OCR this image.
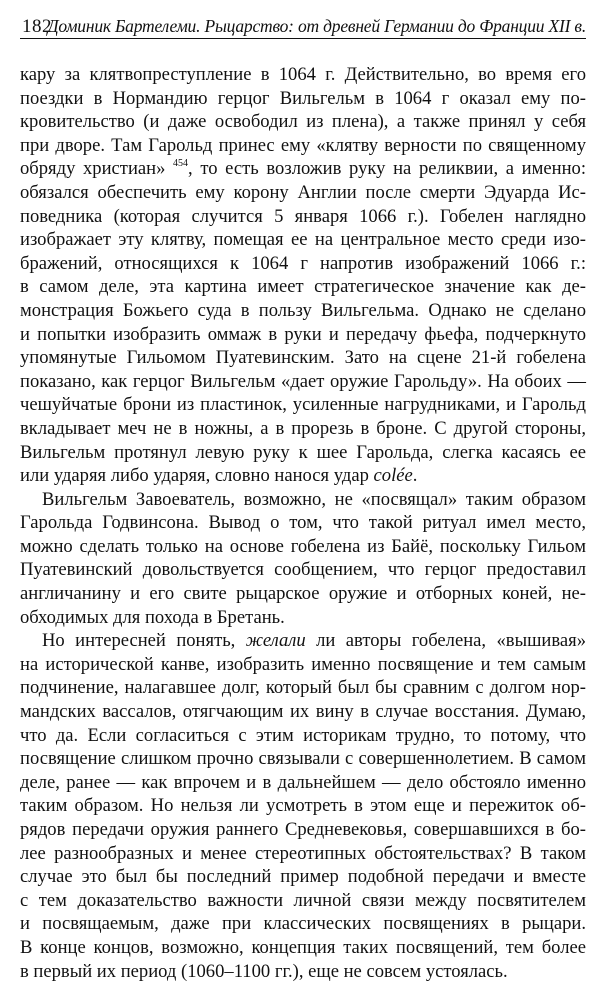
182
Доминик Бартелеми. Рыцарство: от древней Германии до Франции XII в.
кару за клятвопреступление в 1064 г. Действительно, во время его
поездки в Нормандию герцог Вильгельм в 1064 г оказал ему по-
кровительство (и даже освободил из плена), а также принял у себя
при дворе. Там Гарольд принес ему «клятву верности по священному
обряду христиан» $^{454}$, то есть возложив руку на реликвии, а именно:
обязался обеспечить ему корону Англии после смерти Эдуарда Ис-
поведника (которая случится 5 января 1066 г.). Гобелен наглядно
изображает эту клятву, помещая ее на центральное место среди изо-
бражений, относящихся к 1064 г напротив изображений 1066 г.:
в самом деле, эта картина имеет стратегическое значение как де-
монстрация Божьего суда в пользу Вильгельма. Однако не сделано
и попытки изобразить оммаж в руки и передачу фьефа, подчеркнуто
упомянутые Гильомом Пуатевинским. Зато на сцене 21-й гобелена
показано, как герцог Вильгельм «дает оружие Гарольду». На обоих —
чешуйчатые брони из пластинок, усиленные нагрудниками, и Гарольд
вкладывает меч не в ножны, а в прорезь в броне. С другой стороны,
Вильгельм протянул левую руку к шее Гарольда, слегка касаясь ее
или ударяя либо ударяя, словно нанося удар colée.
Вильгельм Завоеватель, возможно, не «посвящал» таким образом
Гарольда Годвинсона. Вывод о том, что такой ритуал имел место,
можно сделать только на основе гобелена из Байё, поскольку Гильом
Пуатевинский довольствуется сообщением, что герцог предоставил
англичанину и его свите рыцарское оружие и отборных коней, не-
обходимых для похода в Бретань.
Но интересней понять, желали ли авторы гобелена, «вышивая»
на исторической канве, изобразить именно посвящение и тем самым
подчинение, налагавшее долг, который был бы сравним с долгом нор-
мандских вассалов, отягчающим их вину в случае восстания. Думаю,
что да. Если согласиться с этим историкам трудно, то потому, что
посвящение слишком прочно связывали с совершеннолетием. В самом
деле, ранее — как впрочем и в дальнейшем — дело обстояло именно
таким образом. Но нельзя ли усмотреть в этом еще и пережиток об-
рядов передачи оружия раннего Средневековья, совершавшихся в бо-
лее разнообразных и менее стереотипных обстоятельствах? В таком
случае это был бы последний пример подобной передачи и вместе
с тем доказательство важности личной связи между посвятителем
и посвящаемым, даже при классических посвящениях в рыцари.
В конце концов, возможно, концепция таких посвящений, тем более
в первый их период (1060–1100 гг.), еще не совсем устоялась.
